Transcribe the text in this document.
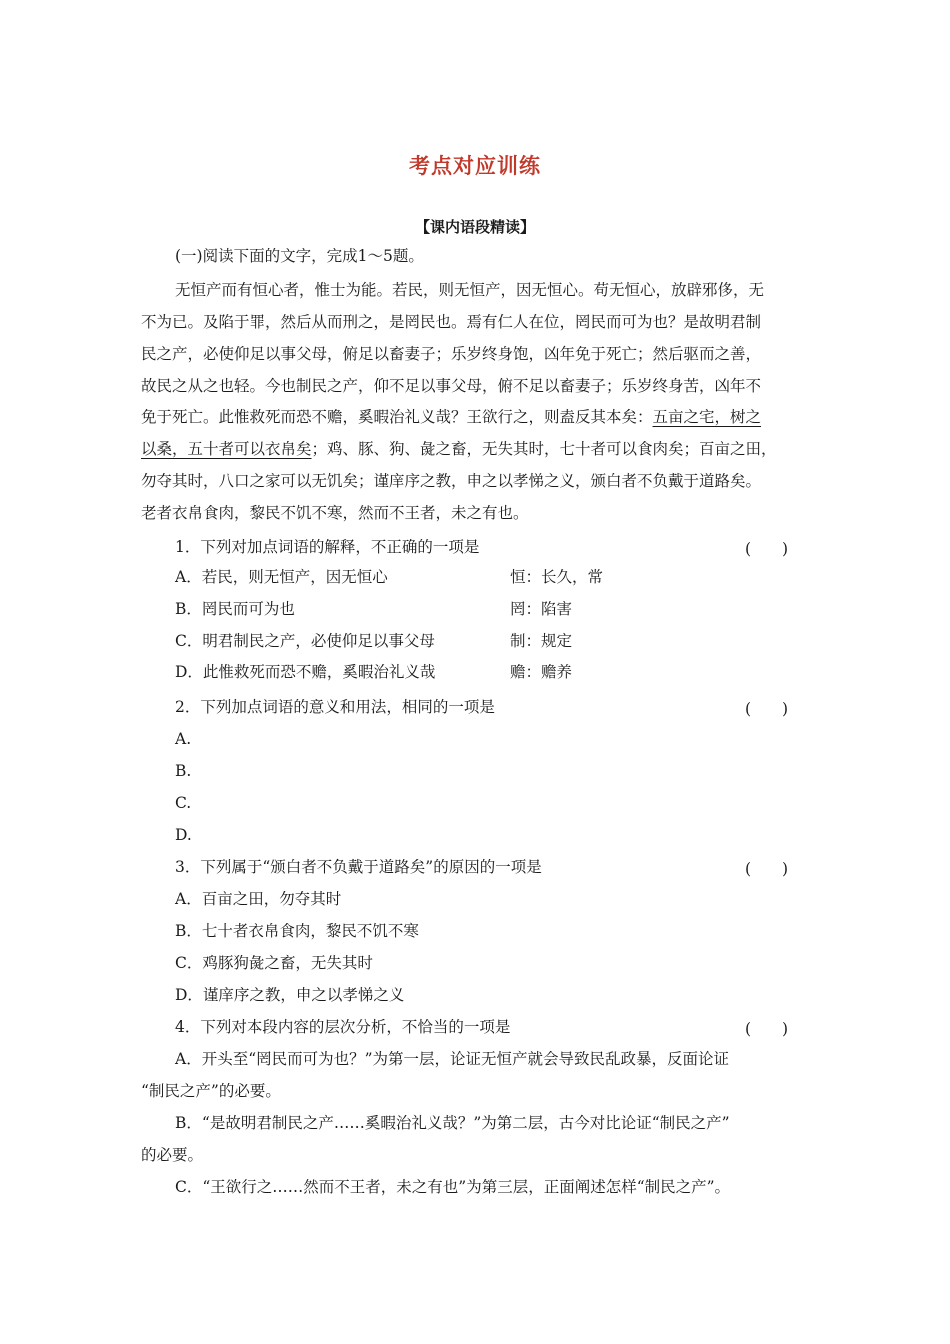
考点对应训练
【课内语段精读】
(一)阅读下面的文字，完成1～5题。
无恒产而有恒心者，惟士为能。若民，则无恒产，因无恒心。苟无恒心，放辟邪侈，无
不为已。及陷于罪，然后从而刑之，是罔民也。焉有仁人在位，罔民而可为也？是故明君制
民之产，必使仰足以事父母，俯足以畜妻子；乐岁终身饱，凶年免于死亡；然后驱而之善，
故民之从之也轻。今也制民之产，仰不足以事父母，俯不足以畜妻子；乐岁终身苦，凶年不
免于死亡。此惟救死而恐不赡，奚暇治礼义哉？王欲行之，则盍反其本矣：五亩之宅，树之
以桑，五十者可以衣帛矣；鸡、豚、狗、彘之畜，无失其时，七十者可以食肉矣；百亩之田，
勿夺其时，八口之家可以无饥矣；谨庠序之教，申之以孝悌之义，颁白者不负戴于道路矣。
老者衣帛食肉，黎民不饥不寒，然而不王者，未之有也。
1．下列对加点词语的解释，不正确的一项是	(　　)
A．若民，则无恒产，因无恒心	恒：长久，常
B．罔民而可为也	罔：陷害
C．明君制民之产，必使仰足以事父母	制：规定
D．此惟救死而恐不赡，奚暇治礼义哉	赡：赡养
2．下列加点词语的意义和用法，相同的一项是	(　　)
A.
B.
C.
D.
3．下列属于“颁白者不负戴于道路矣”的原因的一项是	(　　)
A．百亩之田，勿夺其时
B．七十者衣帛食肉，黎民不饥不寒
C．鸡豚狗彘之畜，无失其时
D．谨庠序之教，申之以孝悌之义
4．下列对本段内容的层次分析，不恰当的一项是	(　　)
A．开头至“罔民而可为也？”为第一层，论证无恒产就会导致民乱政暴，反面论证
“制民之产”的必要。
B．“是故明君制民之产……奚暇治礼义哉？”为第二层，古今对比论证“制民之产”
的必要。
C．“王欲行之……然而不王者，未之有也”为第三层，正面阐述怎样“制民之产”。
